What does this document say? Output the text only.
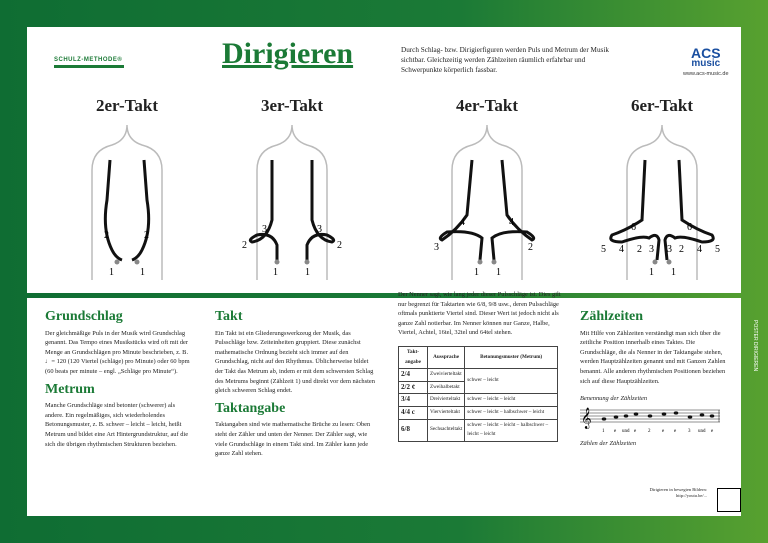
SCHULZ-METHODE®	Dirigieren	Durch Schlag- bzw. Dirigierfiguren werden Puls und Metrum der Musik sichtbar. Gleichzeitig werden Zählzeiten räumlich erfahrbar und Schwerpunkte körperlich fassbar.
ACS
music
www.acs-music.de
2er-Takt
2	2
1	1
3er-Takt
3	3
2	2
1	1
4er-Takt
4	4
3	2
1 1
6er-Takt
6	6
5 4 2 3 3 2 4 5
1 1
Grundschlag

Der gleichmäßige Puls in der Musik wird Grundschlag genannt. Das Tempo eines Musikstücks wird oft mit der Menge an Grundschlägen pro Minute beschrieben, z. B. ♩= 120 (120 Viertel (schläge) pro Minute) oder 60 bpm (60 beats per minute – engl. „Schläge pro Minute“).

Metrum

Manche Grundschläge sind betonter (schwerer) als andere. Ein regelmäßiges, sich wiederholendes Betonungsmuster, z. B. schwer – leicht – leicht, heißt Metrum und bildet eine Art Hintergrundstruktur, auf die sich die übrigen rhythmischen Strukturen beziehen.

Takt

Ein Takt ist ein Gliederungswerkzeug der Musik, das Pulsschläge bzw. Zeiteinheiten gruppiert. Diese zunächst mathematische Ordnung bezieht sich immer auf den Grundschlag, nicht auf den Rhythmus. Üblicherweise bildet der Takt das Metrum ab, indem er mit dem schwersten Schlag des Metrums beginnt (Zählzeit 1) und direkt vor dem nächsten gleich schweren Schlag endet.

Taktangabe

Taktangaben sind wie mathematische Brüche zu lesen: Oben steht der Zähler und unten der Nenner. Der Zähler sagt, wie viele Grundschläge in einem Takt sind. Im Zähler kann jede ganze Zahl stehen.

Der Nenner sagt, wie lang jeder dieser Pulsschläge ist. Dies gilt nur begrenzt für Taktarten wie 6/8, 9/8 usw., deren Pulsschläge oftmals punktierte Viertel sind. Dieser Wert ist jedoch nicht als ganze Zahl notierbar. Im Nenner können nur Ganze, Halbe, Viertel, Achtel, 16tel, 32tel und 64tel stehen.

Takt-angabe	Aussprache	Betonungsmuster (Metrum)
2/4	Zweivierteltakt	schwer – leicht
2/2 ¢	Zweihalbetakt	
3/4	Dreivierteltakt	schwer – leicht – leicht
4/4 c	Viervierteltakt	schwer – leicht – halbschwer – leicht
6/8	Sechsachteltakt	schwer – leicht – leicht – halbschwer – leicht – leicht
Zählzeiten

Mit Hilfe von Zählzeiten verständigt man sich über die zeitliche Position innerhalb eines Taktes. Die Grundschläge, die als Nenner in der Taktangabe stehen, werden Hauptzählzeiten genannt und mit Ganzen Zahlen benannt. Alle anderen rhythmischen Positionen beziehen sich auf diese Hauptzählzeiten.

Benennung der Zählzeiten
𝄞
1 e und e 2 e e 3 und e
Zählen der Zählzeiten
Dirigieren in bewegten Bildern: http://youtu.be/...
POSTER DIRIGIEREN
